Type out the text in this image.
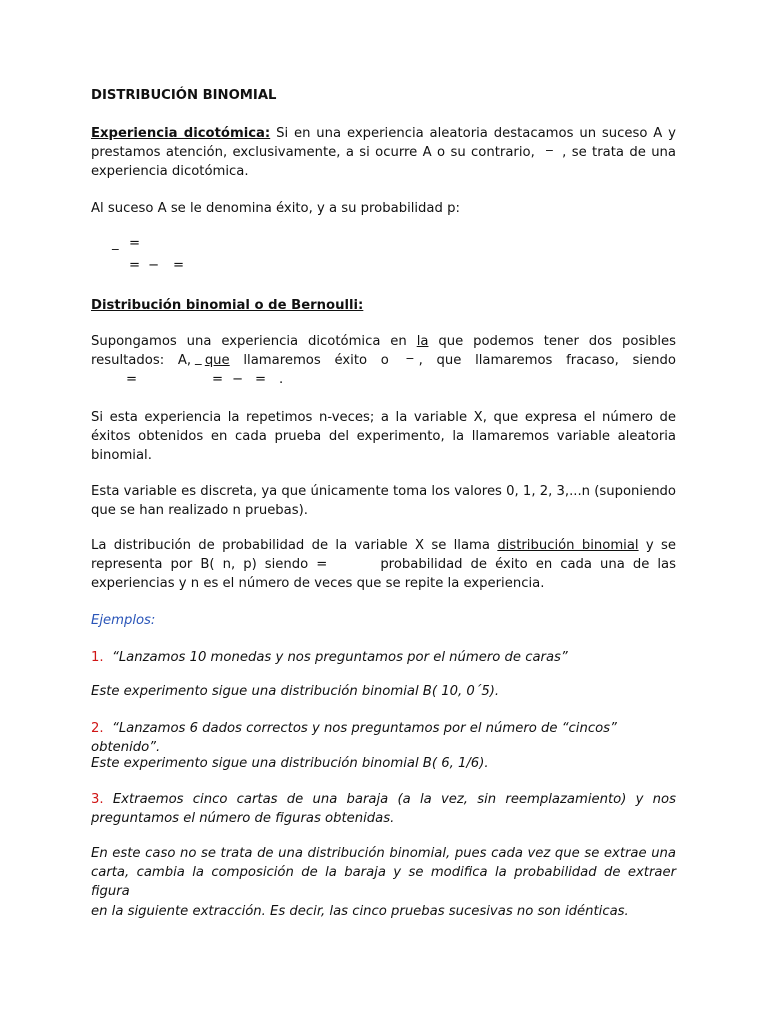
DISTRIBUCIÓN BINOMIAL
Experiencia dicotómica: Si en una experiencia aleatoria destacamos un suceso A y
prestamos atención, exclusivamente, a si ocurre A o su contrario, ‾ , se trata de una
experiencia dicotómica.
Al suceso A se le denomina éxito, y a su probabilidad p:
=
‾
= − =
Distribución binomial o de Bernoulli:
Supongamos una experiencia dicotómica en la que podemos tener dos posibles
resultados: A, que llamaremos éxito o ‾ , que llamaremos fracaso, siendo
=
‾
= − = .
Si esta experiencia la repetimos n-veces; a la variable X, que expresa el número de
éxitos obtenidos en cada prueba del experimento, la llamaremos variable aleatoria
binomial.
Esta variable es discreta, ya que únicamente toma los valores 0, 1, 2, 3,...n (suponiendo
que se han realizado n pruebas).
La distribución de probabilidad de la variable X se llama distribución binomial y se
representa por B( n, p) siendo =	probabilidad de éxito en cada una de las
experiencias y n es el número de veces que se repite la experiencia.
Ejemplos:
1. “Lanzamos 10 monedas y nos preguntamos por el número de caras”
Este experimento sigue una distribución binomial B( 10, 0´5).
2. “Lanzamos 6 dados correctos y nos preguntamos por el número de “cincos” obtenido”.
Este experimento sigue una distribución binomial B( 6, 1/6).
3. Extraemos cinco cartas de una baraja (a la vez, sin reemplazamiento) y nos
preguntamos el número de figuras obtenidas.
En este caso no se trata de una distribución binomial, pues cada vez que se extrae una
carta, cambia la composición de la baraja y se modifica la probabilidad de extraer figura
en la siguiente extracción. Es decir, las cinco pruebas sucesivas no son idénticas.
